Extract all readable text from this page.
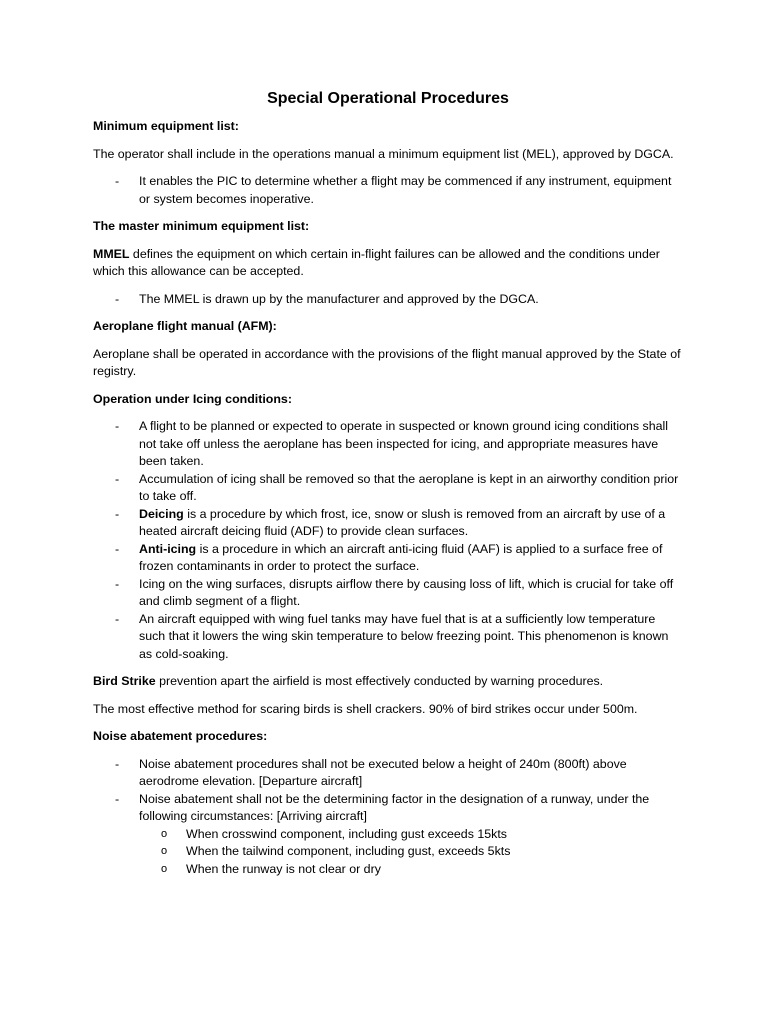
Special Operational Procedures
Minimum equipment list:
The operator shall include in the operations manual a minimum equipment list (MEL), approved by DGCA.
- It enables the PIC to determine whether a flight may be commenced if any instrument, equipment or system becomes inoperative.
The master minimum equipment list:
MMEL defines the equipment on which certain in-flight failures can be allowed and the conditions under which this allowance can be accepted.
- The MMEL is drawn up by the manufacturer and approved by the DGCA.
Aeroplane flight manual (AFM):
Aeroplane shall be operated in accordance with the provisions of the flight manual approved by the State of registry.
Operation under Icing conditions:
- A flight to be planned or expected to operate in suspected or known ground icing conditions shall not take off unless the aeroplane has been inspected for icing, and appropriate measures have been taken.
- Accumulation of icing shall be removed so that the aeroplane is kept in an airworthy condition prior to take off.
- Deicing is a procedure by which frost, ice, snow or slush is removed from an aircraft by use of a heated aircraft deicing fluid (ADF) to provide clean surfaces.
- Anti-icing is a procedure in which an aircraft anti-icing fluid (AAF) is applied to a surface free of frozen contaminants in order to protect the surface.
- Icing on the wing surfaces, disrupts airflow there by causing loss of lift, which is crucial for take off and climb segment of a flight.
- An aircraft equipped with wing fuel tanks may have fuel that is at a sufficiently low temperature such that it lowers the wing skin temperature to below freezing point. This phenomenon is known as cold-soaking.
Bird Strike prevention apart the airfield is most effectively conducted by warning procedures.
The most effective method for scaring birds is shell crackers. 90% of bird strikes occur under 500m.
Noise abatement procedures:
- Noise abatement procedures shall not be executed below a height of 240m (800ft) above aerodrome elevation. [Departure aircraft]
- Noise abatement shall not be the determining factor in the designation of a runway, under the following circumstances: [Arriving aircraft]
o When crosswind component, including gust exceeds 15kts
o When the tailwind component, including gust, exceeds 5kts
o When the runway is not clear or dry
